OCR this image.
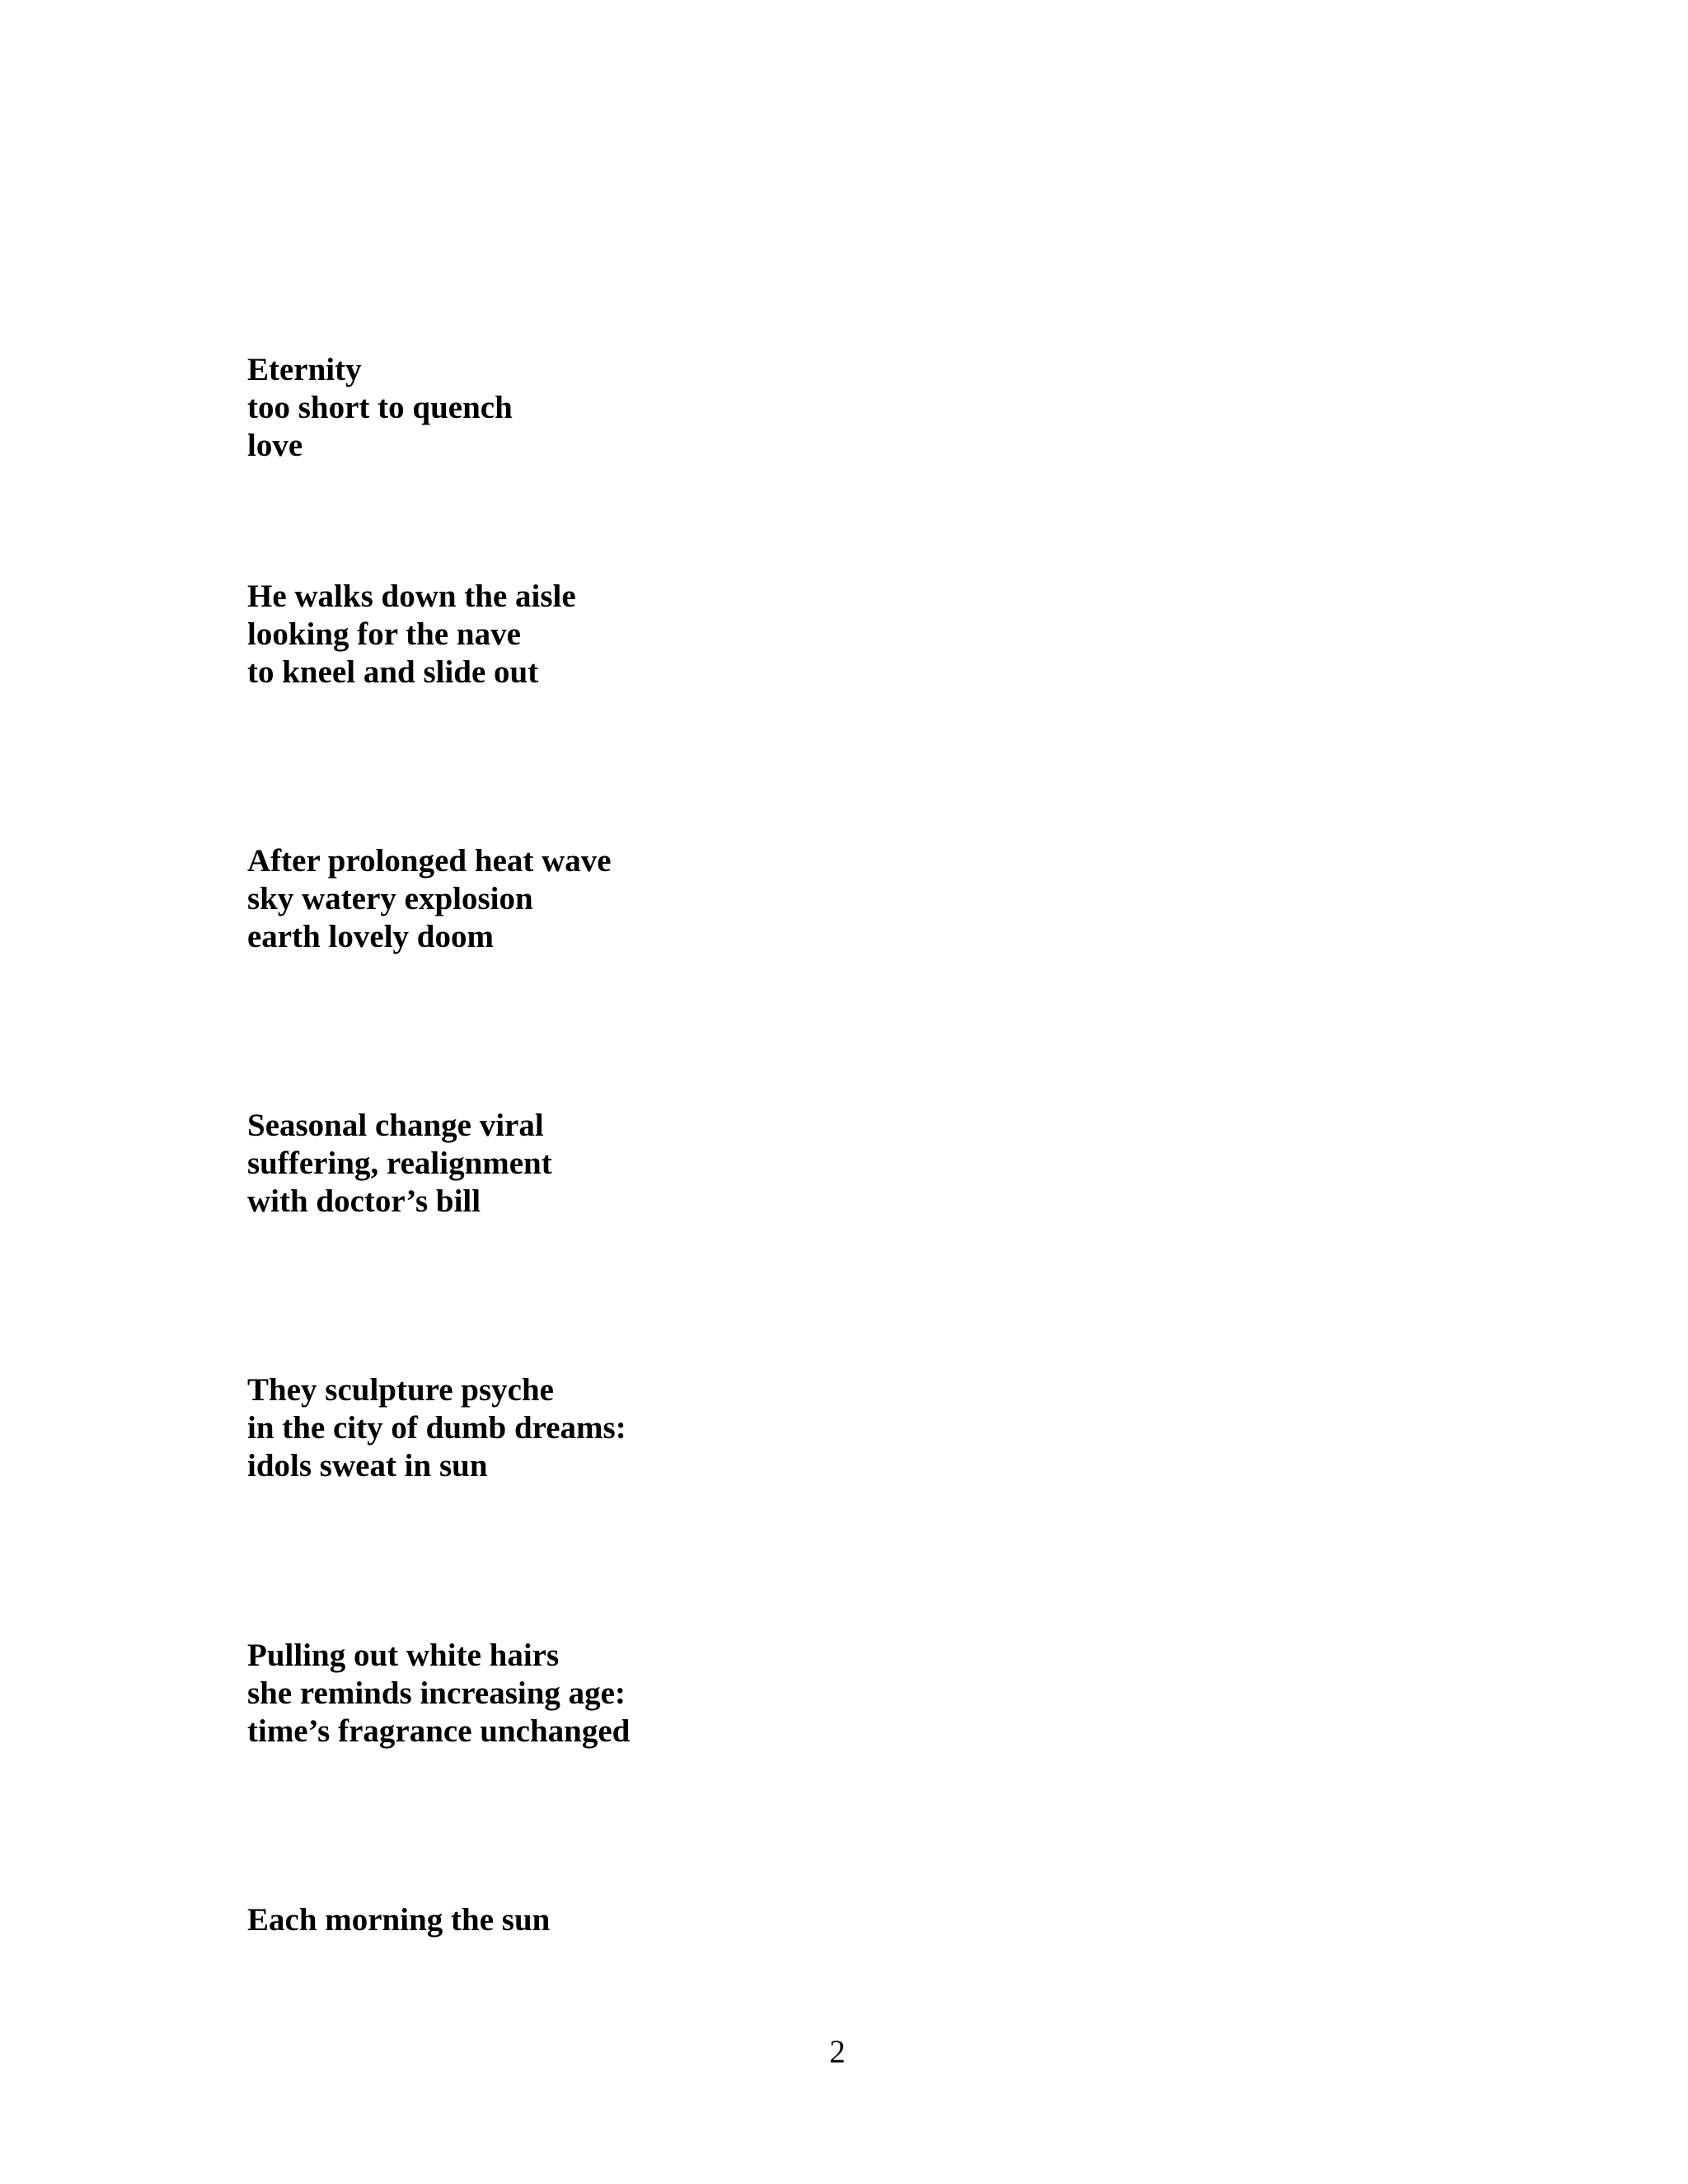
Eternity
too short to quench
love
He walks down the aisle
looking for the nave
to kneel and slide out
After prolonged heat wave
sky watery explosion
earth lovely doom
Seasonal change viral
suffering, realignment
with doctor’s bill
They sculpture psyche
in the city of dumb dreams:
idols sweat in sun
Pulling out white hairs
she reminds increasing age:
time’s fragrance unchanged
Each morning the sun
2
